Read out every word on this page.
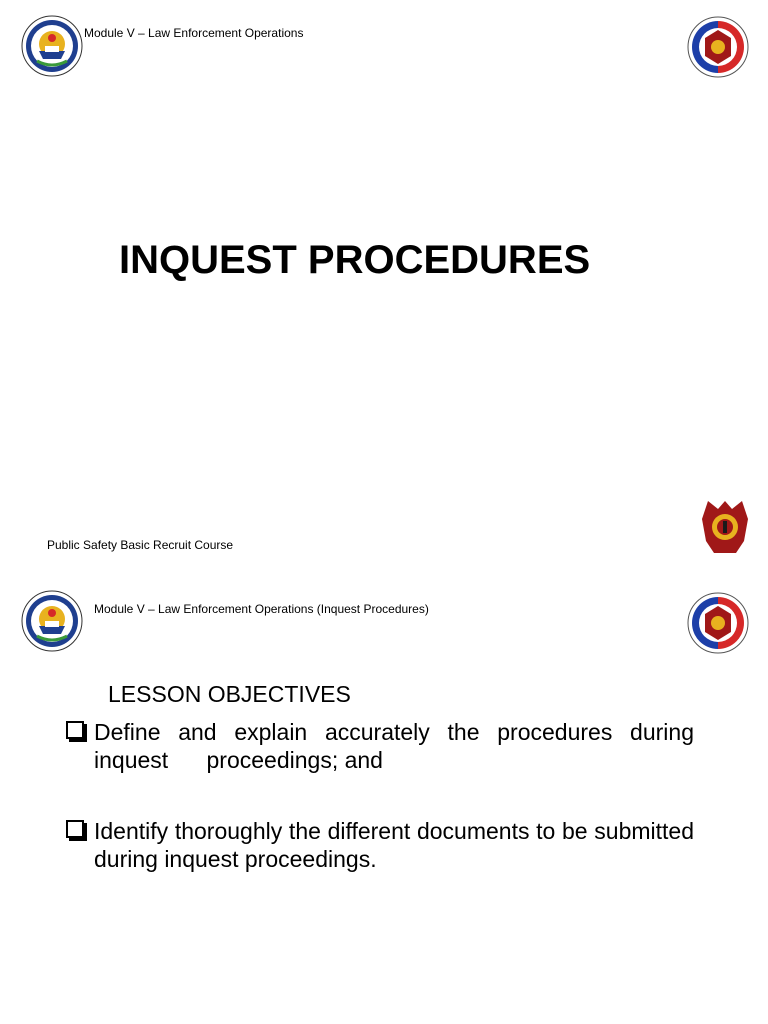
Module V – Law Enforcement Operations
INQUEST PROCEDURES
Public Safety Basic Recruit Course
Module V – Law Enforcement Operations (Inquest Procedures)
LESSON OBJECTIVES
Define and explain accurately the procedures during inquest      proceedings; and
Identify thoroughly the different documents to be submitted during inquest proceedings.
